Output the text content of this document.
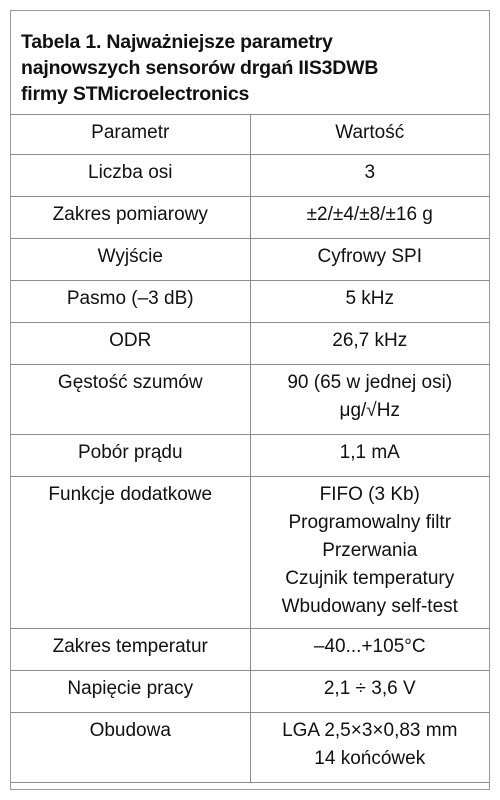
Tabela 1. Najważniejsze parametry
najnowszych sensorów drgań IIS3DWB
firmy STMicroelectronics
Parametr	Wartość
Liczba osi	3

Zakres pomiarowy	±2/±4/±8/±16 g

Wyjście	Cyfrowy SPI

Pasmo (–3 dB)	5 kHz

ODR	26,7 kHz

Gęstość szumów	90 (65 w jednej osi)
μg/√Hz

Pobór prądu	1,1 mA

Funkcje dodatkowe	FIFO (3 Kb)
Programowalny filtr
Przerwania
Czujnik temperatury
Wbudowany self-test

Zakres temperatur	–40...+105°C

Napięcie pracy	2,1 ÷ 3,6 V

Obudowa	LGA 2,5×3×0,83 mm
14 końcówek
